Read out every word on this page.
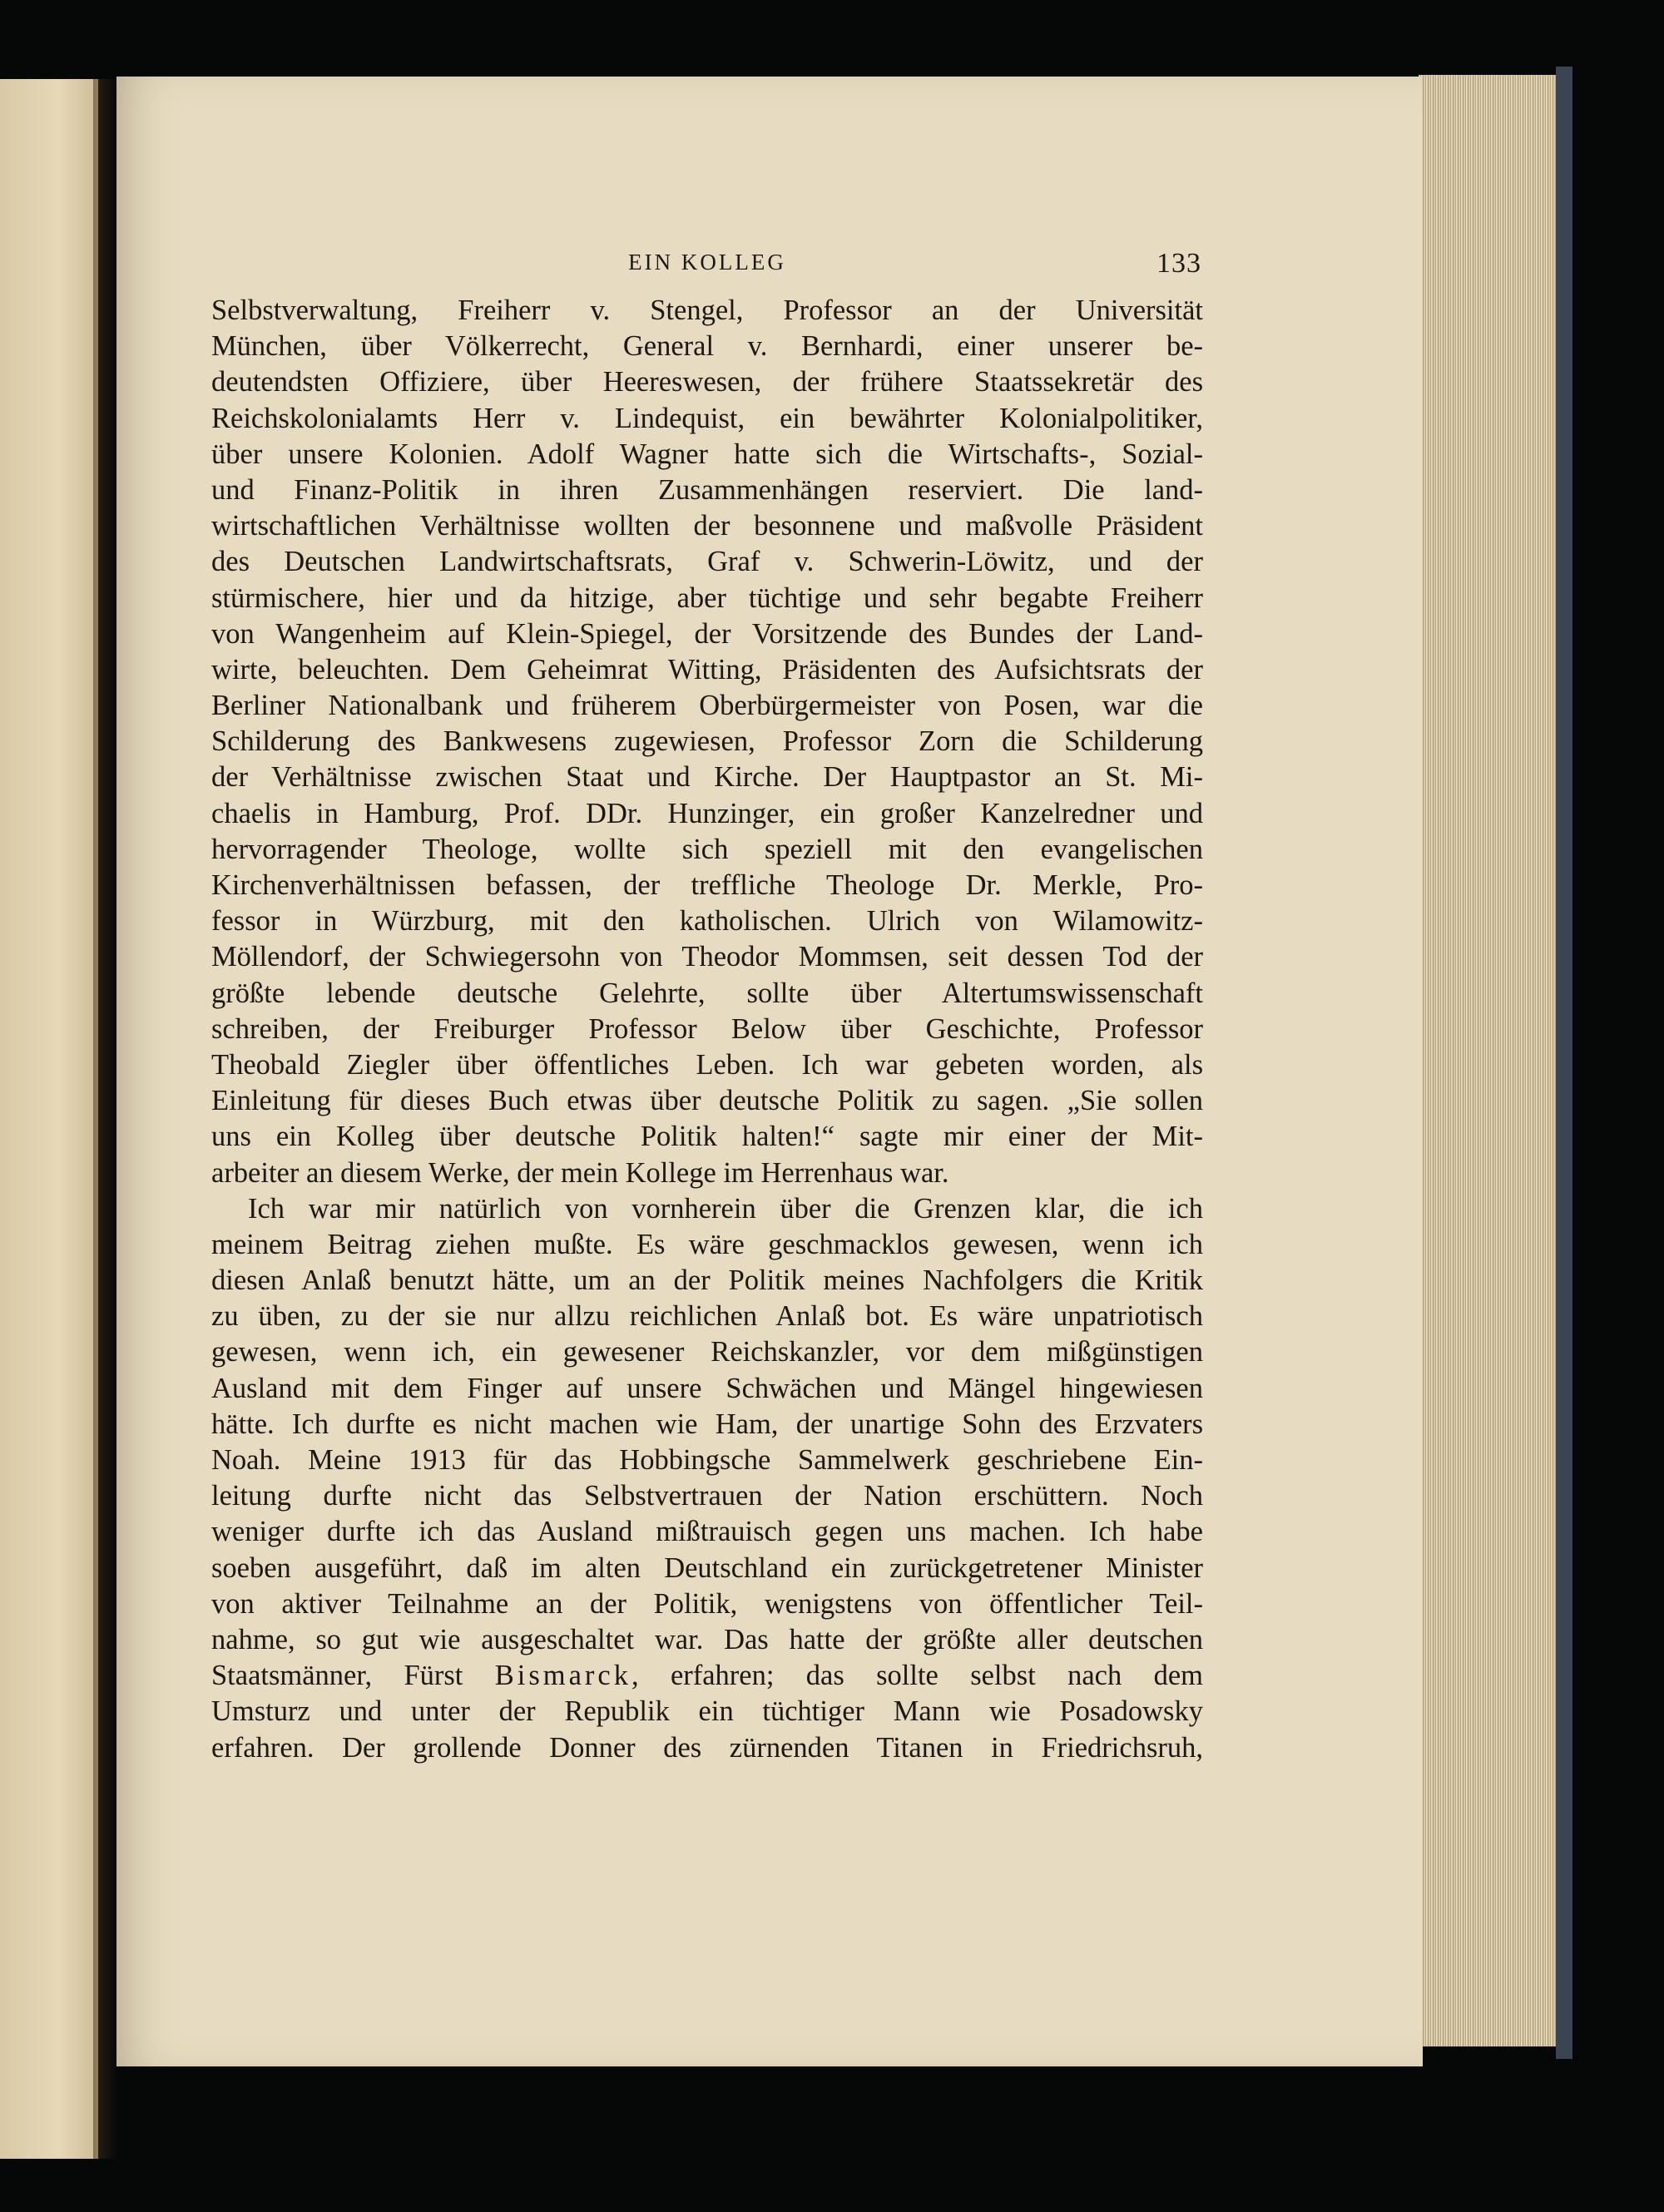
EIN KOLLEG	133
Selbstverwaltung, Freiherr v. Stengel, Professor an der Universität
München, über Völkerrecht, General v. Bernhardi, einer unserer be-
deutendsten Offiziere, über Heereswesen, der frühere Staatssekretär des
Reichskolonialamts Herr v. Lindequist, ein bewährter Kolonialpolitiker,
über unsere Kolonien. Adolf Wagner hatte sich die Wirtschafts-, Sozial-
und Finanz-Politik in ihren Zusammenhängen reserviert. Die land-
wirtschaftlichen Verhältnisse wollten der besonnene und maßvolle Präsident
des Deutschen Landwirtschaftsrats, Graf v. Schwerin-Löwitz, und der
stürmischere, hier und da hitzige, aber tüchtige und sehr begabte Freiherr
von Wangenheim auf Klein-Spiegel, der Vorsitzende des Bundes der Land-
wirte, beleuchten. Dem Geheimrat Witting, Präsidenten des Aufsichtsrats der
Berliner Nationalbank und früherem Oberbürgermeister von Posen, war die
Schilderung des Bankwesens zugewiesen, Professor Zorn die Schilderung
der Verhältnisse zwischen Staat und Kirche. Der Hauptpastor an St. Mi-
chaelis in Hamburg, Prof. DDr. Hunzinger, ein großer Kanzelredner und
hervorragender Theologe, wollte sich speziell mit den evangelischen
Kirchenverhältnissen befassen, der treffliche Theologe Dr. Merkle, Pro-
fessor in Würzburg, mit den katholischen. Ulrich von Wilamowitz-
Möllendorf, der Schwiegersohn von Theodor Mommsen, seit dessen Tod der
größte lebende deutsche Gelehrte, sollte über Altertumswissenschaft
schreiben, der Freiburger Professor Below über Geschichte, Professor
Theobald Ziegler über öffentliches Leben. Ich war gebeten worden, als
Einleitung für dieses Buch etwas über deutsche Politik zu sagen. „Sie sollen
uns ein Kolleg über deutsche Politik halten!“ sagte mir einer der Mit-
arbeiter an diesem Werke, der mein Kollege im Herrenhaus war.
Ich war mir natürlich von vornherein über die Grenzen klar, die ich
meinem Beitrag ziehen mußte. Es wäre geschmacklos gewesen, wenn ich
diesen Anlaß benutzt hätte, um an der Politik meines Nachfolgers die Kritik
zu üben, zu der sie nur allzu reichlichen Anlaß bot. Es wäre unpatriotisch
gewesen, wenn ich, ein gewesener Reichskanzler, vor dem mißgünstigen
Ausland mit dem Finger auf unsere Schwächen und Mängel hingewiesen
hätte. Ich durfte es nicht machen wie Ham, der unartige Sohn des Erzvaters
Noah. Meine 1913 für das Hobbingsche Sammelwerk geschriebene Ein-
leitung durfte nicht das Selbstvertrauen der Nation erschüttern. Noch
weniger durfte ich das Ausland mißtrauisch gegen uns machen. Ich habe
soeben ausgeführt, daß im alten Deutschland ein zurückgetretener Minister
von aktiver Teilnahme an der Politik, wenigstens von öffentlicher Teil-
nahme, so gut wie ausgeschaltet war. Das hatte der größte aller deutschen
Staatsmänner, Fürst Bismarck, erfahren; das sollte selbst nach dem
Umsturz und unter der Republik ein tüchtiger Mann wie Posadowsky
erfahren. Der grollende Donner des zürnenden Titanen in Friedrichsruh,
